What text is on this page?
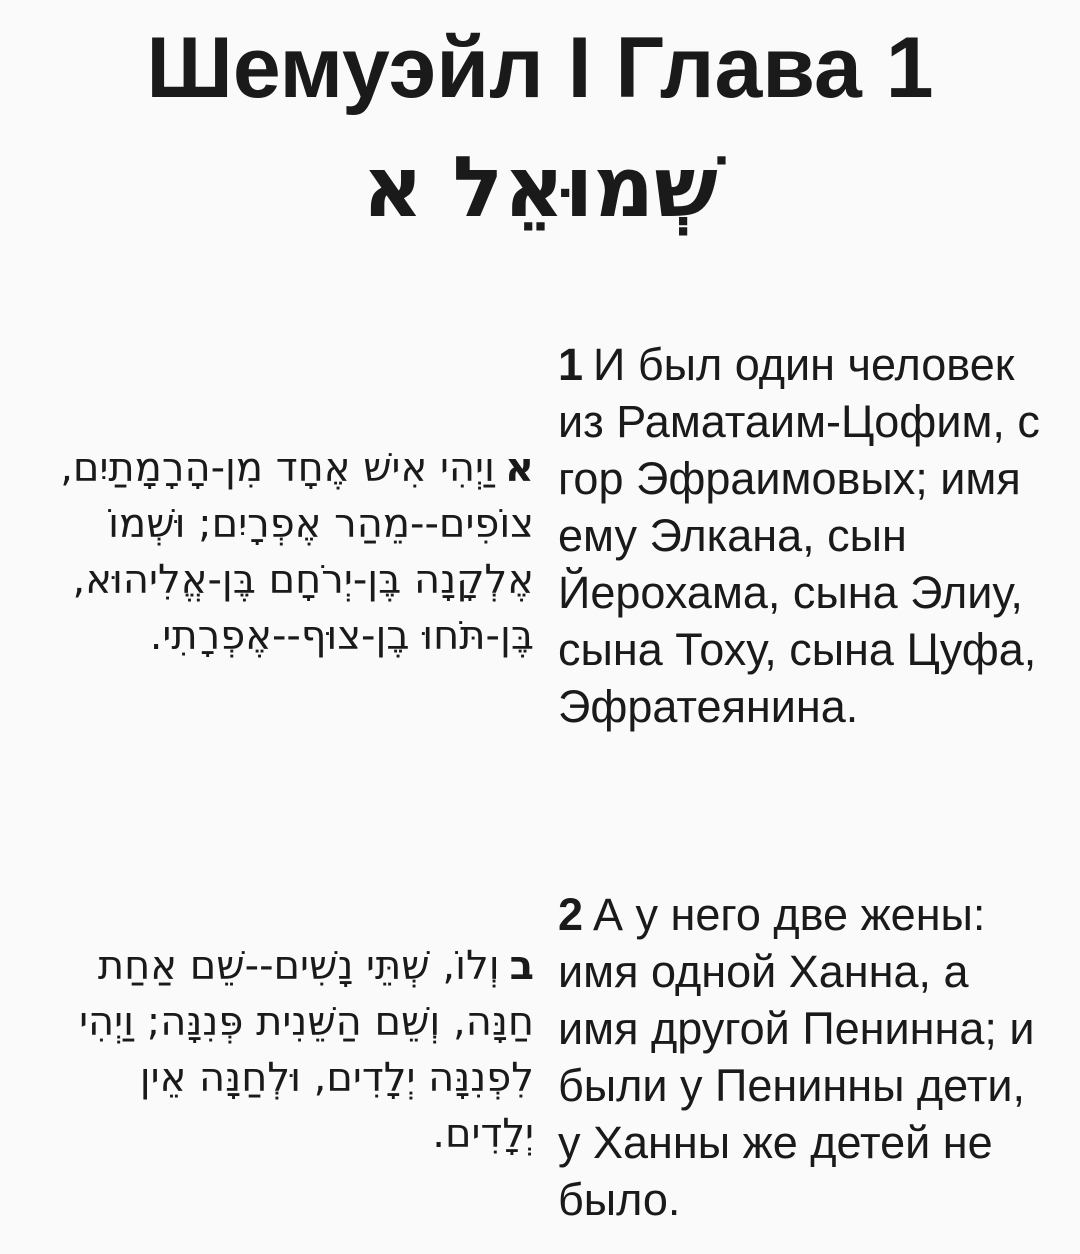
Шемуэйл I Глава 1
שְׁמוּאֵל א

אוַיְהִי אִישׁ אֶחָד מִן-הָרָמָתַיִם, צוֹפִים--מֵהַר אֶפְרָיִם; וּשְׁמוֹ אֶלְקָנָה בֶּן-יְרֹחָם בֶּן-אֱלִיהוּא, בֶּן-תֹּחוּ בֶן-צוּף--אֶפְרָתִי.

1 И был один человек из Раматаим-Цофим, с гор Эфраимовых; имя ему Элкана, сын Йерохама, сына Элиу, сына Тоху, сына Цуфа, Эфратеянина.

בוְלוֹ, שְׁתֵּי נָשִׁים--שֵׁם אַחַת חַנָּה, וְשֵׁם הַשֵּׁנִית פְּנִנָּה; וַיְהִי לִפְנִנָּה יְלָדִים, וּלְחַנָּה אֵין יְלָדִים.

2 А у него две жены: имя одной Ханна, а имя другой Пенинна; и были у Пенинны дети, у Ханны же детей не было.
